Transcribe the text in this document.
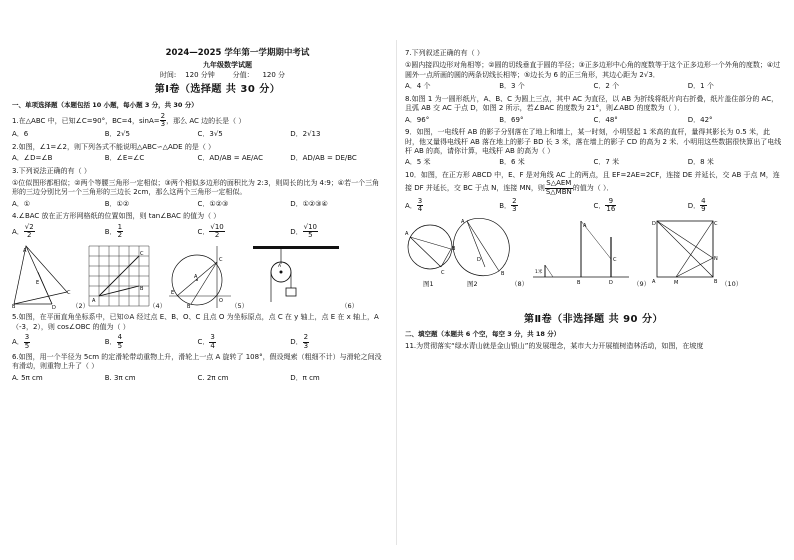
2024—2025 学年第一学期期中考试
九年级数学试题
时间:    120 分钟        分值：    120 分
第Ⅰ卷（选择题 共 30 分）
一、单项选择题（本题包括 10 小题，每小题 3 分，共 30 分）
1.在△ABC 中，已知∠C=90°，BC=4，$\sin A= \frac{2}{3}$ ，那么 AC 边的长是（ ）
A．6	B．2√5	C．3√5	D．2√13
2.如图，∠1=∠2，则下列各式不能说明△ABC∽△ADE 的是（ ）
A．∠D=∠B	B．∠E=∠C	C．AD/AB = AE/AC	D．AD/AB = DE/BC
3.下列说法正确的有（ ）
①位似图形都相似；②两个等腰三角形一定相似；③两个相似多边形的面积比为 2:3，则周长的比为 4:9；④若一个三角形的三边分别比另一个三角形的三边长 2cm，那么这两个三角形一定相似。
A．①	B．①②	C．①②③	D．①②③④
4.∠BAC 放在正方形网格纸的位置如图，则 tan∠BAC 的值为（ ）
A． $\frac{√2}{2}$	B． $\frac{1}{2}$	C． $\frac{√10}{2}$	D． $\frac{√10}{5}$
A
B
C
D
E
（2）
A
C
B
（4）
A
C
E
O
B	（5）
A
（6）
5.如图，在平面直角坐标系中，已知⊙A 经过点 E、B、O、C 且点 O 为坐标原点，点 C 在 y 轴上，点 E 在 x 轴上，A（-3，2），则 cos∠OBC 的值为（ ）
A． $\frac{3}{5}$	B． $\frac{4}{5}$	C． $\frac{3}{4}$	D． $\frac{2}{3}$
6.如图，用一个半径为 5cm 的定滑轮带动重物上升，滑轮上一点 A 旋转了 108°，假设绳索（粗细不计）与滑轮之间没有滑动，则重物上升了（ ）
A. 5π cm	B. 3π cm	C. 2π cm	D．π cm
7.下列叙述正确的有（ ）
①圆内接四边形对角相等；②圆的切线垂直于圆的半径；③正多边形中心角的度数等于这个正多边形一个外角的度数；④过圆外一点所画的圆的两条切线长相等；⑤边长为 6 的正三角形，其边心距为 2√3．
A．4 个	B．3 个	C．2 个	D．1 个
8.如图 1 为一圆形纸片，A、B、C 为圆上三点，其中 AC 为直径，以 AB 为折线将纸片向右折叠，纸片盖住部分的 AC，且弧 AB 交 AC 于点 D，如图 2 所示，若∠BAC 的度数为 21°，则∠ABD 的度数为（ ）．
A．96°	B．69°	C．48°	D．42°
9．如图，一电线杆 AB 的影子分别落在了地上和墙上，某一时刻，小明竖起 1 米高的直杆，量得其影长为 0.5 米，此时，他又量得电线杆 AB 落在地上的影子 BD 长 3 米，落在墙上的影子 CD 的高为 2 米．小明用这些数据很快算出了电线杆 AB 的高，请你计算，电线杆 AB 的高为（ ）
A．5 米	B．6 米	C．7 米	D．8 米
10．如图，在正方形 ABCD 中，E、F 是对角线 AC 上的两点，且 EF=2AE=2CF，连接 DE 并延长，交 AB 于点 M，连接 DF 并延长，交 BC 于点 N，连接 MN，则 $\frac{\text{S△AEM}}{\text{S△MBN}}$ 的值为（ ）．
A． $\frac{3}{4}$	B． $\frac{2}{3}$	C． $\frac{9}{16}$	D． $\frac{4}{9}$
A
B
C
图1
A
B
D
图2	（8）
A
C
B	D
1米
（9）
D	C
A	M	B
N
（10）
第Ⅱ卷（非选择题 共 90 分）
二、填空题（本题共 6 个空，每空 3 分，共 18 分）
11.为贯彻落实“绿水青山就是金山银山”的发展理念，某市大力开展植树造林活动，如图，在坡度
